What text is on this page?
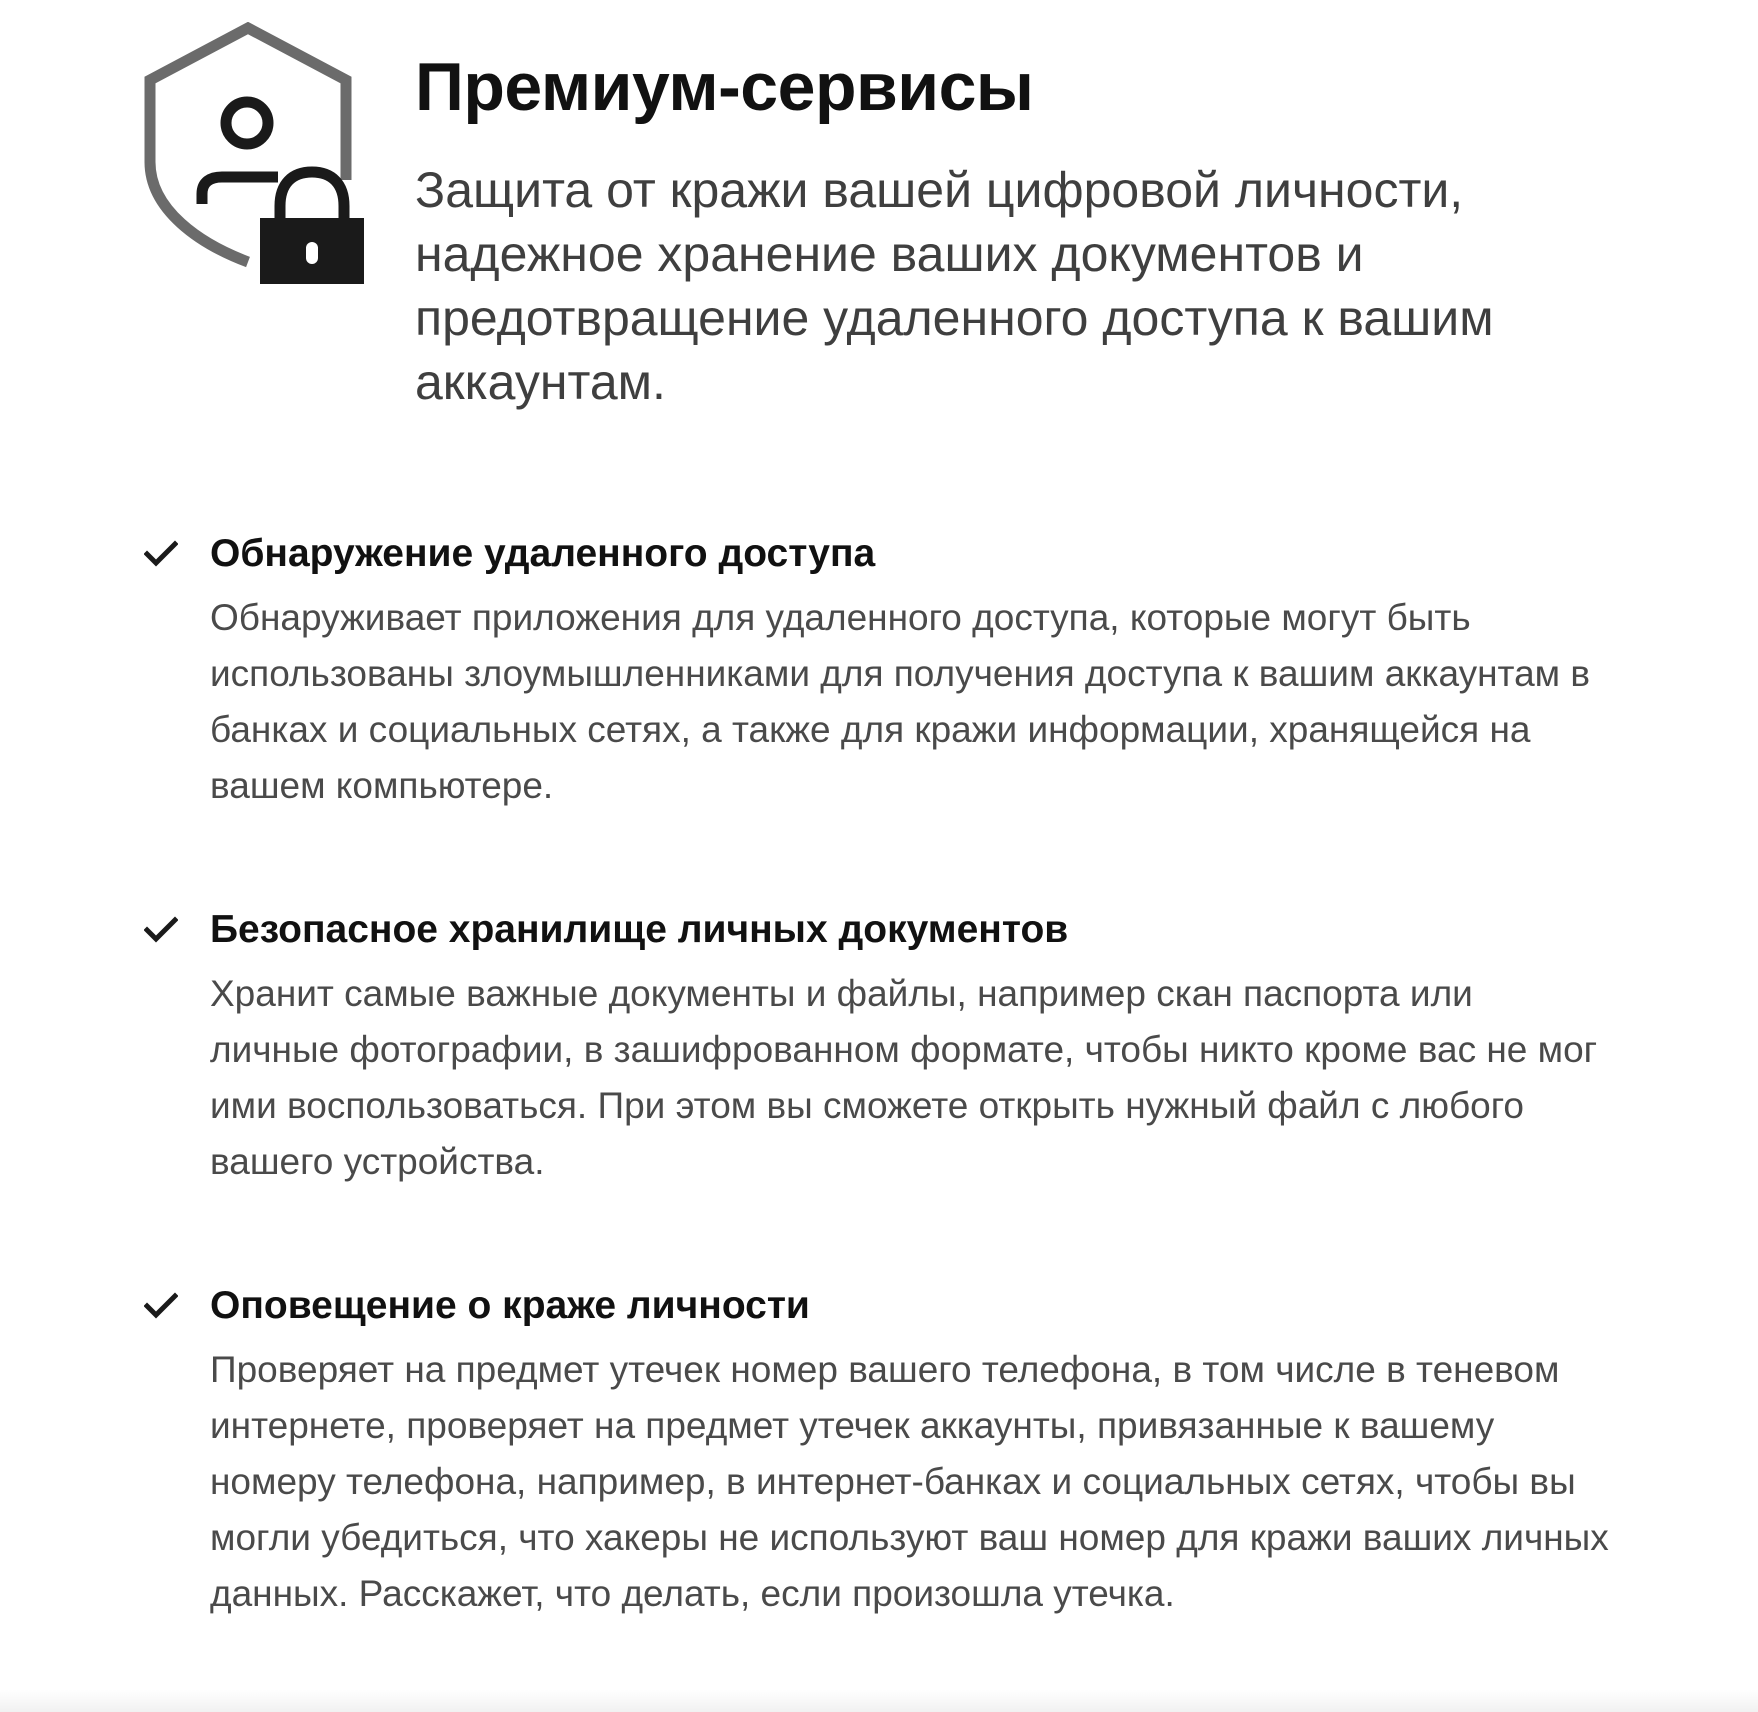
Премиум-сервисы

Защита от кражи вашей цифровой личности, надежное хранение ваших документов и предотвращение удаленного доступа к вашим аккаунтам.

Обнаружение удаленного доступа

Обнаруживает приложения для удаленного доступа, которые могут быть использованы злоумышленниками для получения доступа к вашим аккаунтам в банках и социальных сетях, а также для кражи информации, хранящейся на вашем компьютере.

Безопасное хранилище личных документов

Хранит самые важные документы и файлы, например скан паспорта или личные фотографии, в зашифрованном формате, чтобы никто кроме вас не мог ими воспользоваться. При этом вы сможете открыть нужный файл с любого вашего устройства.

Оповещение о краже личности

Проверяет на предмет утечек номер вашего телефона, в том числе в теневом интернете, проверяет на предмет утечек аккаунты, привязанные к вашему номеру телефона, например, в интернет-банках и социальных сетях, чтобы вы могли убедиться, что хакеры не используют ваш номер для кражи ваших личных данных. Расскажет, что делать, если произошла утечка.
